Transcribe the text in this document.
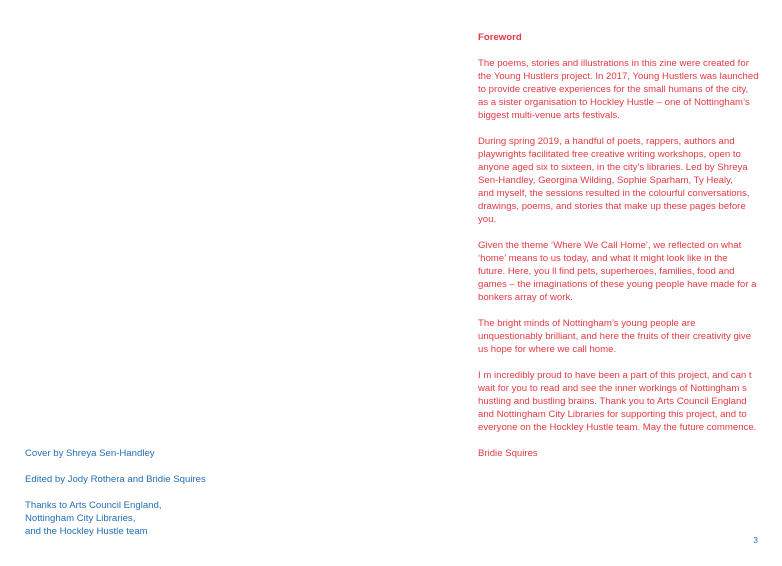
Cover by Shreya Sen-Handley

Edited by Jody Rothera and Bridie Squires

Thanks to Arts Council England,
Nottingham City Libraries,
and the Hockley Hustle team

Foreword

The poems, stories and illustrations in this zine were created for
the Young Hustlers project. In 2017, Young Hustlers was launched
to provide creative experiences for the small humans of the city,
as a sister organisation to Hockley Hustle – one of Nottingham’s
biggest multi-venue arts festivals.

During spring 2019, a handful of poets, rappers, authors and
playwrights facilitated free creative writing workshops, open to
anyone aged six to sixteen, in the city’s libraries. Led by Shreya
Sen-Handley, Georgina Wilding, Sophie Sparham, Ty Healy,
and myself, the sessions resulted in the colourful conversations,
drawings, poems, and stories that make up these pages before
you.

Given the theme ‘Where We Call Home’, we reflected on what
‘home’ means to us today, and what it might look like in the
future. Here, you ll find pets, superheroes, families, food and
games – the imaginations of these young people have made for a
bonkers array of work.

The bright minds of Nottingham’s young people are
unquestionably brilliant, and here the fruits of their creativity give
us hope for where we call home.

I m incredibly proud to have been a part of this project, and can t
wait for you to read and see the inner workings of Nottingham s
hustling and bustling brains. Thank you to Arts Council England
and Nottingham City Libraries for supporting this project, and to
everyone on the Hockley Hustle team. May the future commence.

Bridie Squires

3
